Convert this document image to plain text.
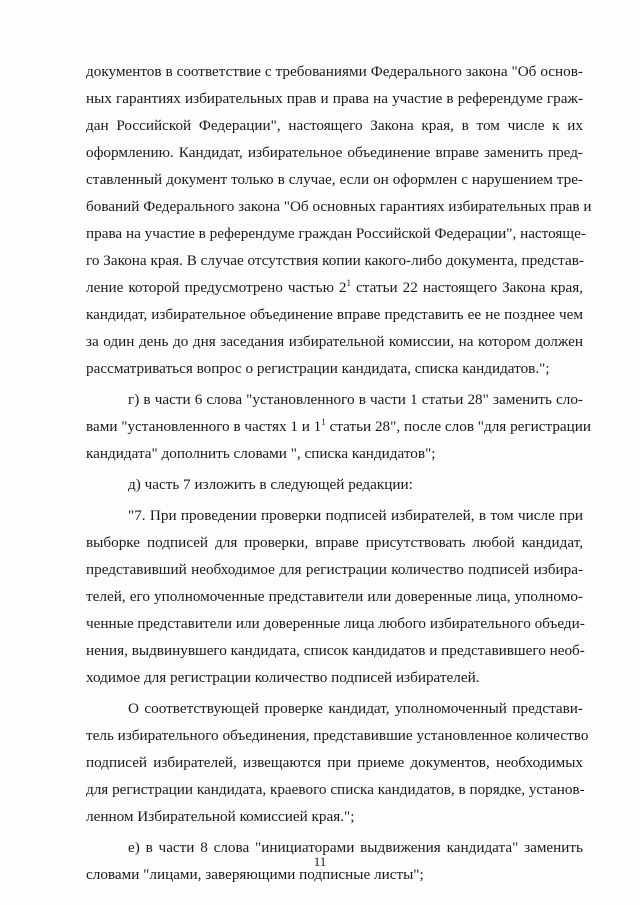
документов в соответствие с требованиями Федерального закона "Об основ-
ных гарантиях избирательных прав и права на участие в референдуме граж-
дан Российской Федерации", настоящего Закона края, в том числе к их
оформлению. Кандидат, избирательное объединение вправе заменить пред-
ставленный документ только в случае, если он оформлен с нарушением тре-
бований Федерального закона "Об основных гарантиях избирательных прав и
права на участие в референдуме граждан Российской Федерации", настояще-
го Закона края. В случае отсутствия копии какого-либо документа, представ-
ление которой предусмотрено частью $2^1$ статьи 22 настоящего Закона края,
кандидат, избирательное объединение вправе представить ее не позднее чем
за один день до дня заседания избирательной комиссии, на котором должен
рассматриваться вопрос о регистрации кандидата, списка кандидатов.";
г) в части 6 слова "установленного в части 1 статьи 28" заменить сло-
вами "установленного в частях 1 и $1^1$ статьи 28", после слов "для регистрации
кандидата" дополнить словами ", списка кандидатов";
д) часть 7 изложить в следующей редакции:
"7. При проведении проверки подписей избирателей, в том числе при
выборке подписей для проверки, вправе присутствовать любой кандидат,
представивший необходимое для регистрации количество подписей избира-
телей, его уполномоченные представители или доверенные лица, уполномо-
ченные представители или доверенные лица любого избирательного объеди-
нения, выдвинувшего кандидата, список кандидатов и представившего необ-
ходимое для регистрации количество подписей избирателей.
О соответствующей проверке кандидат, уполномоченный представи-
тель избирательного объединения, представившие установленное количество
подписей избирателей, извещаются при приеме документов, необходимых
для регистрации кандидата, краевого списка кандидатов, в порядке, установ-
ленном Избирательной комиссией края.";
е) в части 8 слова "инициаторами выдвижения кандидата" заменить
словами "лицами, заверяющими подписные листы";
11
